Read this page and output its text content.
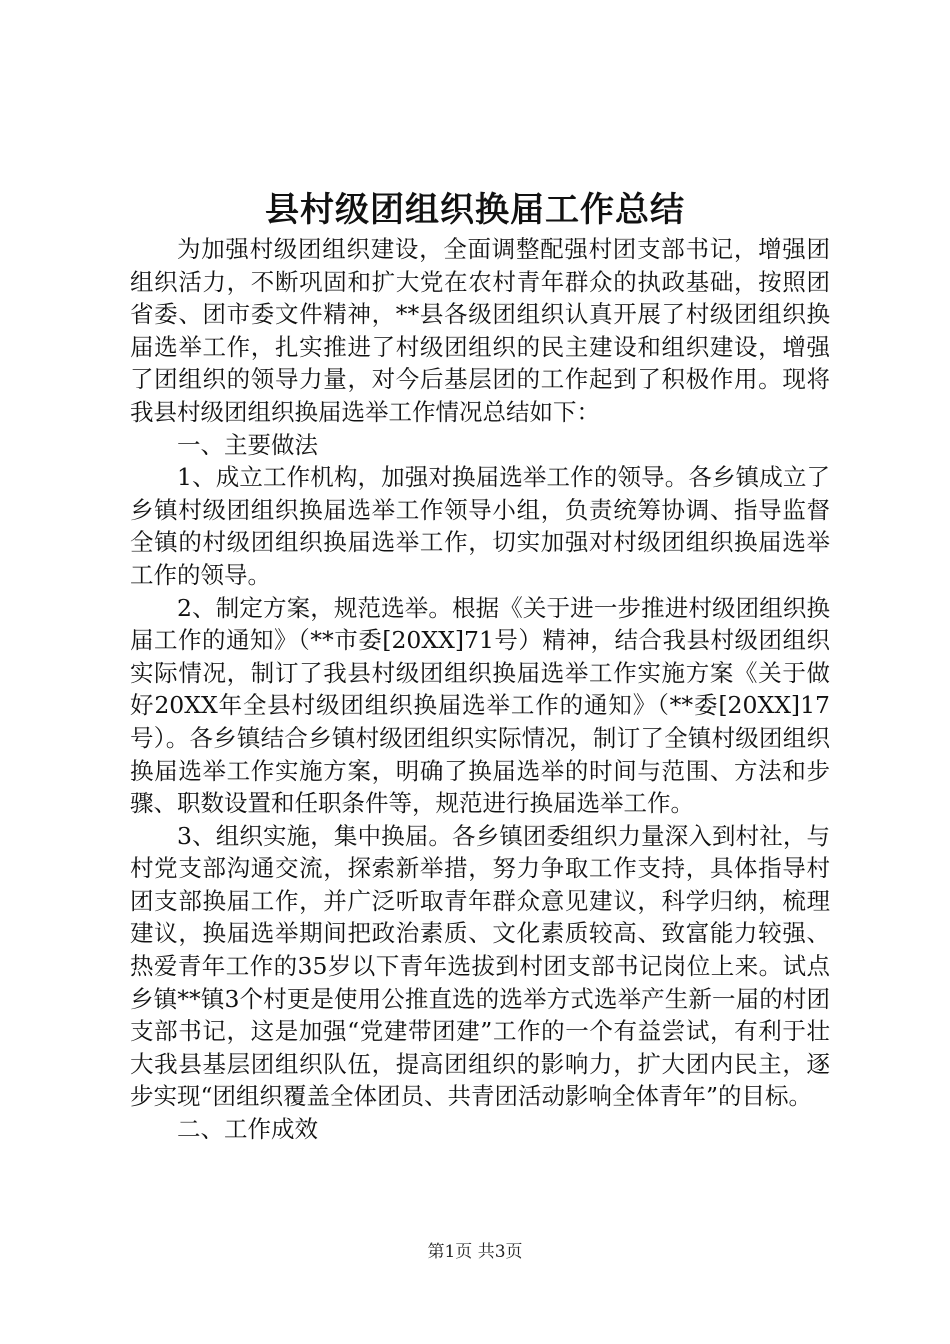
县村级团组织换届工作总结

为加强村级团组织建设，全面调整配强村团支部书记，增强团组织活力，不断巩固和扩大党在农村青年群众的执政基础，按照团省委、团市委文件精神，**县各级团组织认真开展了村级团组织换届选举工作，扎实推进了村级团组织的民主建设和组织建设，增强了团组织的领导力量，对今后基层团的工作起到了积极作用。现将我县村级团组织换届选举工作情况总结如下：

一、主要做法

1、成立工作机构，加强对换届选举工作的领导。各乡镇成立了乡镇村级团组织换届选举工作领导小组，负责统筹协调、指导监督全镇的村级团组织换届选举工作，切实加强对村级团组织换届选举工作的领导。

2、制定方案，规范选举。根据《关于进一步推进村级团组织换届工作的通知》（**市委[20XX]71号）精神，结合我县村级团组织实际情况，制订了我县村级团组织换届选举工作实施方案《关于做好20XX年全县村级团组织换届选举工作的通知》（**委[20XX]17号）。各乡镇结合乡镇村级团组织实际情况，制订了全镇村级团组织换届选举工作实施方案，明确了换届选举的时间与范围、方法和步骤、职数设置和任职条件等，规范进行换届选举工作。

3、组织实施，集中换届。各乡镇团委组织力量深入到村社，与村党支部沟通交流，探索新举措，努力争取工作支持，具体指导村团支部换届工作，并广泛听取青年群众意见建议，科学归纳，梳理建议，换届选举期间把政治素质、文化素质较高、致富能力较强、热爱青年工作的35岁以下青年选拔到村团支部书记岗位上来。试点乡镇**镇3个村更是使用公推直选的选举方式选举产生新一届的村团支部书记，这是加强“党建带团建”工作的一个有益尝试，有利于壮大我县基层团组织队伍，提高团组织的影响力，扩大团内民主，逐步实现“团组织覆盖全体团员、共青团活动影响全体青年”的目标。

二、工作成效

第1页 共3页
